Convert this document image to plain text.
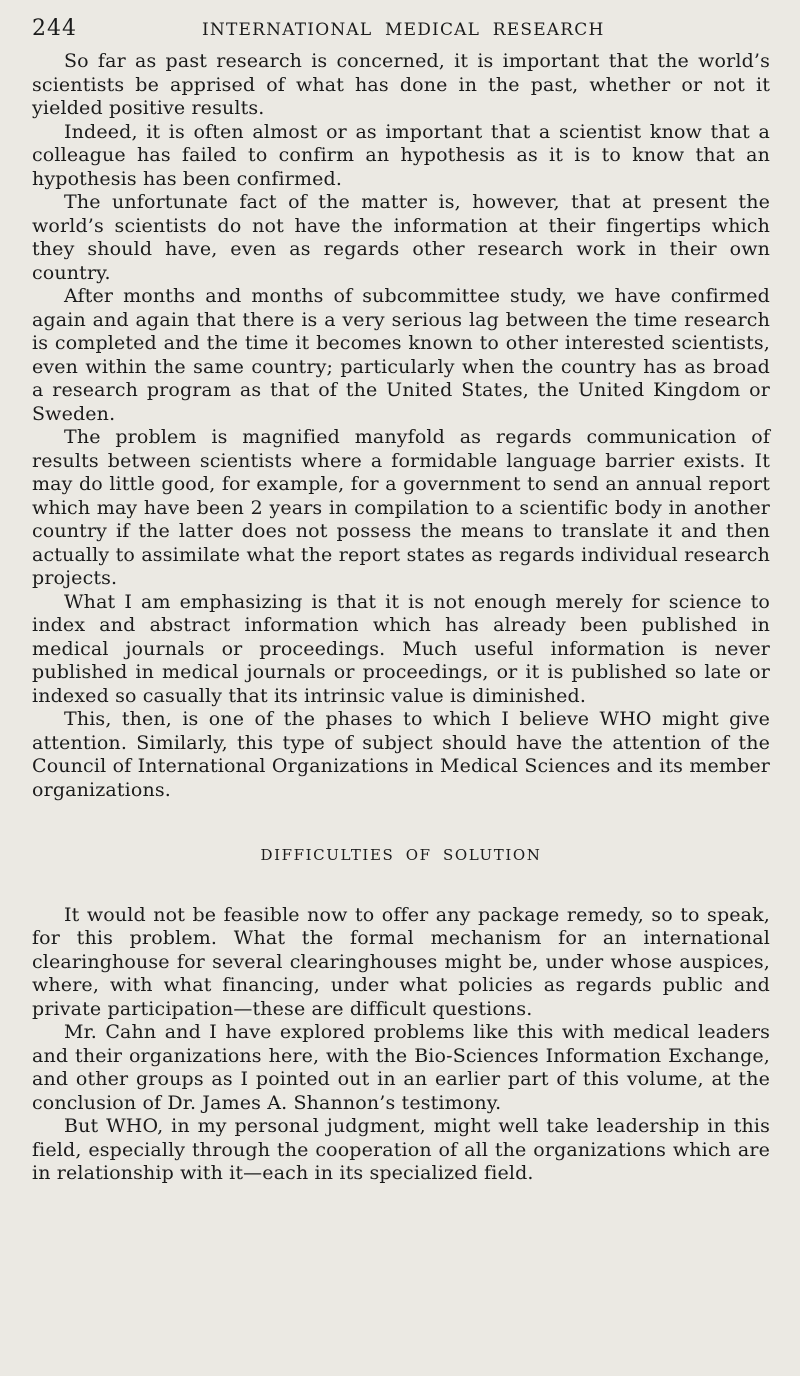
244	INTERNATIONAL MEDICAL RESEARCH

So far as past research is concerned, it is important that the world’s scientists be apprised of what has done in the past, whether or not it yielded positive results.

Indeed, it is often almost or as important that a scientist know that a colleague has failed to confirm an hypothesis as it is to know that an hypothesis has been confirmed.

The unfortunate fact of the matter is, however, that at present the world’s scientists do not have the information at their fingertips which they should have, even as regards other research work in their own country.

After months and months of subcommittee study, we have confirmed again and again that there is a very serious lag between the time research is completed and the time it becomes known to other interested scientists, even within the same country; particularly when the country has as broad a research program as that of the United States, the United Kingdom or Sweden.

The problem is magnified manyfold as regards communication of results between scientists where a formidable language barrier exists. It may do little good, for example, for a government to send an annual report which may have been 2 years in compilation to a scientific body in another country if the latter does not possess the means to translate it and then actually to assimilate what the report states as regards individual research projects.

What I am emphasizing is that it is not enough merely for science to index and abstract information which has already been published in medical journals or proceedings. Much useful information is never published in medical journals or proceedings, or it is published so late or indexed so casually that its intrinsic value is diminished.

This, then, is one of the phases to which I believe WHO might give attention. Similarly, this type of subject should have the attention of the Council of International Organizations in Medical Sciences and its member organizations.

DIFFICULTIES OF SOLUTION

It would not be feasible now to offer any package remedy, so to speak, for this problem. What the formal mechanism for an international clearinghouse for several clearinghouses might be, under whose auspices, where, with what financing, under what policies as regards public and private participation—these are difficult questions.

Mr. Cahn and I have explored problems like this with medical leaders and their organizations here, with the Bio-Sciences Information Exchange, and other groups as I pointed out in an earlier part of this volume, at the conclusion of Dr. James A. Shannon’s testimony.

But WHO, in my personal judgment, might well take leadership in this field, especially through the cooperation of all the organizations which are in relationship with it—each in its specialized field.
